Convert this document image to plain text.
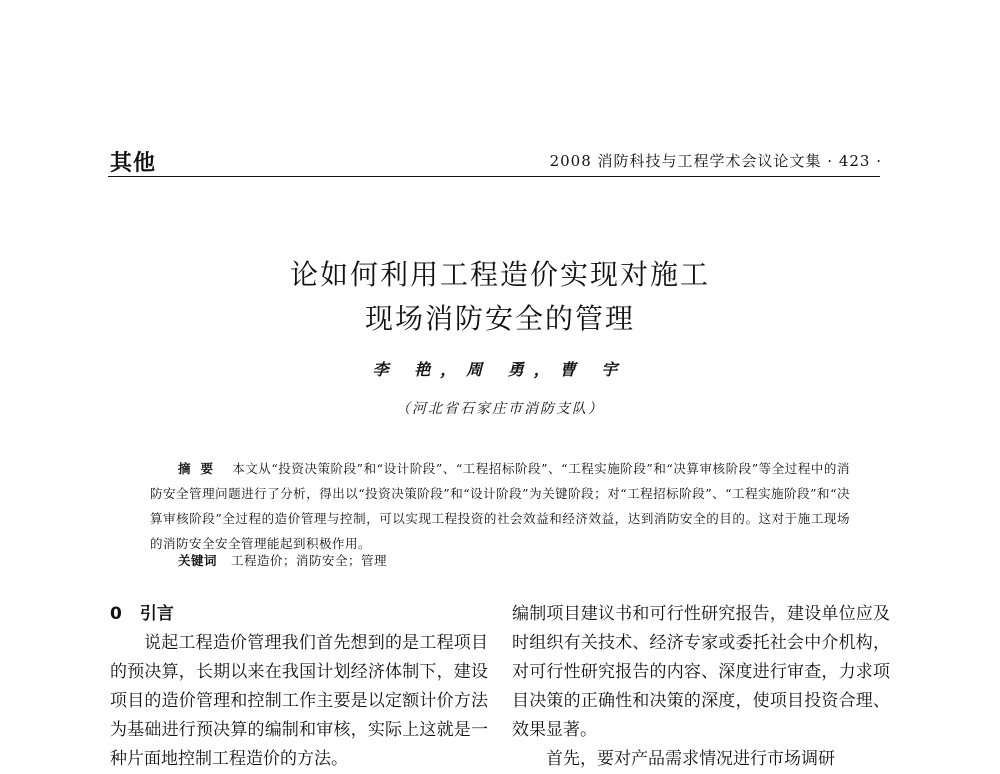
其他	2008 消防科技与工程学术会议论文集 · 423 ·
论如何利用工程造价实现对施工
现场消防安全的管理
李 艳，周 勇，曹 宇
（河北省石家庄市消防支队）
摘要 本文从“投资决策阶段”和“设计阶段”、“工程招标阶段”、“工程实施阶段”和“决算审核阶段”等全过程中的消防安全管理问题进行了分析，得出以“投资决策阶段”和“设计阶段”为关键阶段；对“工程招标阶段”、“工程实施阶段”和“决算审核阶段”全过程的造价管理与控制，可以实现工程投资的社会效益和经济效益，达到消防安全的目的。这对于施工现场的消防安全安全管理能起到积极作用。
关键词 工程造价；消防安全；管理

0 引言

说起工程造价管理我们首先想到的是工程项目的预决算，长期以来在我国计划经济体制下，建设项目的造价管理和控制工作主要是以定额计价方法为基础进行预决算的编制和审核，实际上这就是一种片面地控制工程造价的方法。

编制项目建议书和可行性研究报告，建设单位应及时组织有关技术、经济专家或委托社会中介机构，对可行性研究报告的内容、深度进行审查，力求项目决策的正确性和决策的深度，使项目投资合理、效果显著。

首先，要对产品需求情况进行市场调研
